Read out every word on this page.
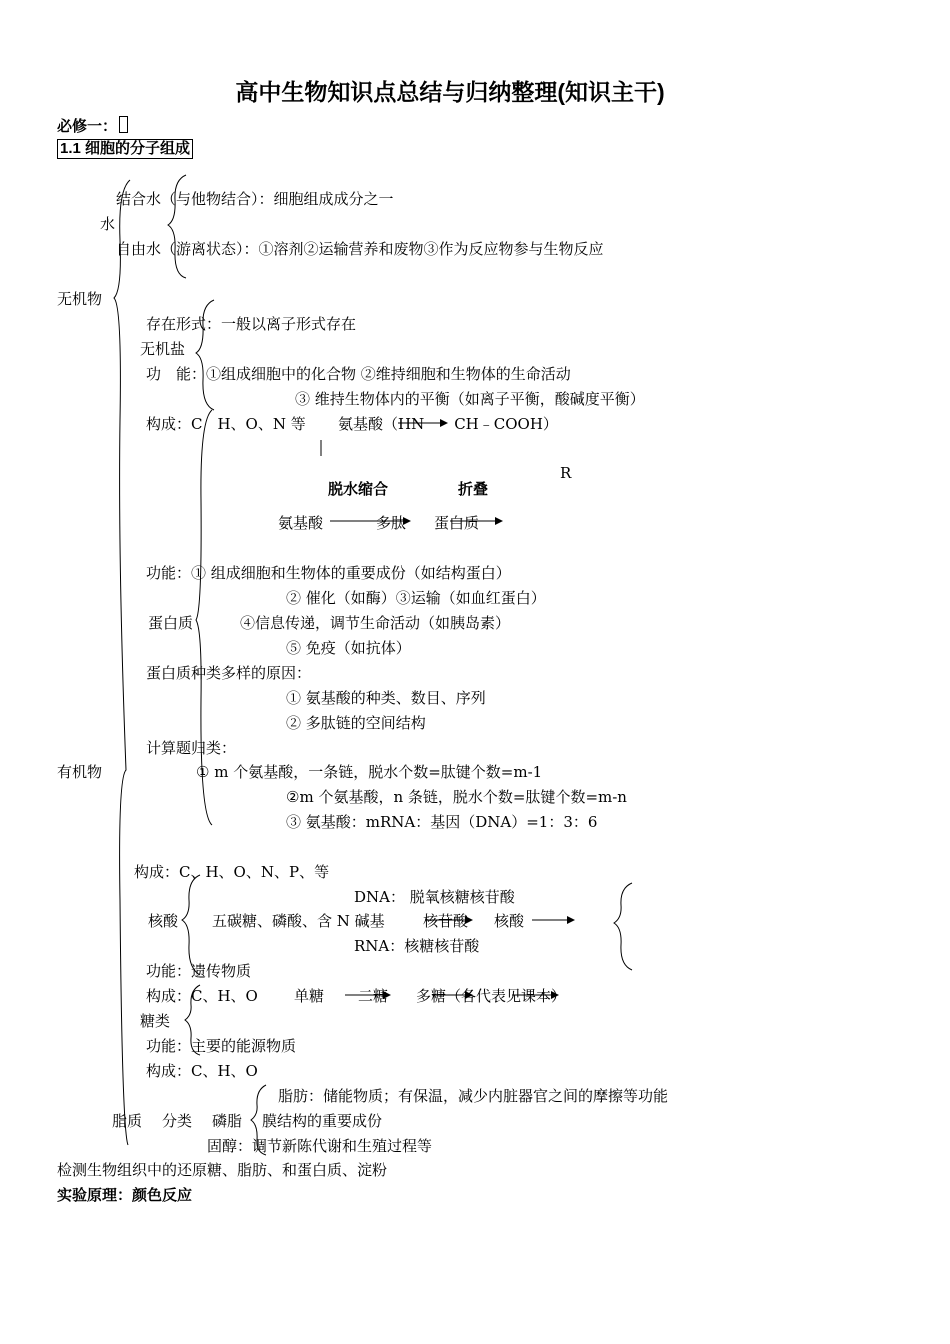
高中生物知识点总结与归纳整理(知识主干)
必修一：
1.1 细胞的分子组成
结合水（与他物结合）：细胞组成成分之一
水
自由水（游离状态）：①溶剂②运输营养和废物③作为反应物参与生物反应
无机物
存在形式：一般以离子形式存在
无机盐
功　能：①组成细胞中的化合物 ②维持细胞和生物体的生命活动
③ 维持生物体内的平衡（如离子平衡，酸碱度平衡）
构成：C　H、O、N 等 氨基酸（HN　　CH﹣COOH）
R
脱水缩合	折叠
氨基酸	多肽 蛋白质
功能：① 组成细胞和生物体的重要成份（如结构蛋白）
② 催化（如酶）③运输（如血红蛋白）
蛋白质	④信息传递，调节生命活动（如胰岛素）
⑤ 免疫（如抗体）
蛋白质种类多样的原因：
① 氨基酸的种类、数目、序列
② 多肽链的空间结构
计算题归类：
有机物	① m 个氨基酸，一条链，脱水个数=肽键个数=m-1
②m 个氨基酸，n 条链，脱水个数=肽键个数=m-n
③ 氨基酸：mRNA：基因（DNA）=1：3：6
构成：C、H、O、N、P、等
DNA： 脱氧核糖核苷酸
核酸 五碳糖、磷酸、含 N 碱基	核苷酸 核酸
RNA：核糖核苷酸
功能：遗传物质
构成：C、H、O 单糖 二糖 多糖（各代表见课本）
糖类
功能：主要的能源物质
构成：C、H、O
脂肪：储能物质；有保温，减少内脏器官之间的摩擦等功能
脂质 分类 磷脂 膜结构的重要成份
固醇：调节新陈代谢和生殖过程等
检测生物组织中的还原糖、脂肪、和蛋白质、淀粉
实验原理：颜色反应
